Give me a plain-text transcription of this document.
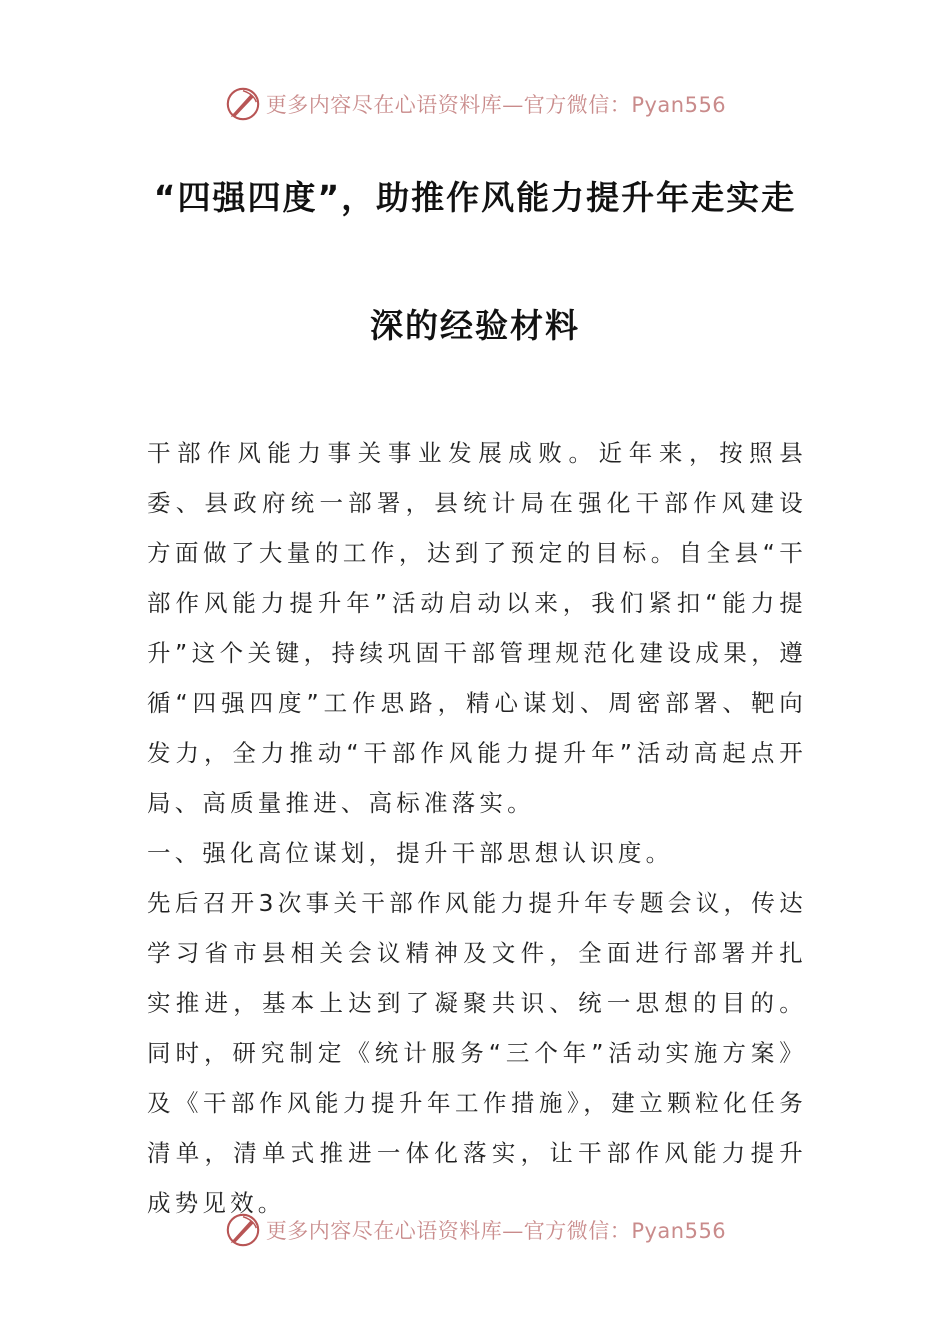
更多内容尽在心语资料库—官方微信：Pyan556
“四强四度”，助推作风能力提升年走实走
深的经验材料

干部作风能力事关事业发展成败。近年来，按照县委、县政府统一部署，县统计局在强化干部作风建设方面做了大量的工作，达到了预定的目标。自全县“干部作风能力提升年”活动启动以来，我们紧扣“能力提升”这个关键，持续巩固干部管理规范化建设成果，遵循“四强四度”工作思路，精心谋划、周密部署、靶向发力，全力推动“干部作风能力提升年”活动高起点开局、高质量推进、高标准落实。

一、强化高位谋划，提升干部思想认识度。

先后召开3次事关干部作风能力提升年专题会议，传达学习省市县相关会议精神及文件，全面进行部署并扎实推进，基本上达到了凝聚共识、统一思想的目的。同时，研究制定《统计服务“三个年”活动实施方案》及《干部作风能力提升年工作措施》，建立颗粒化任务清单，清单式推进一体化落实，让干部作风能力提升成势见效。

更多内容尽在心语资料库—官方微信：Pyan556
